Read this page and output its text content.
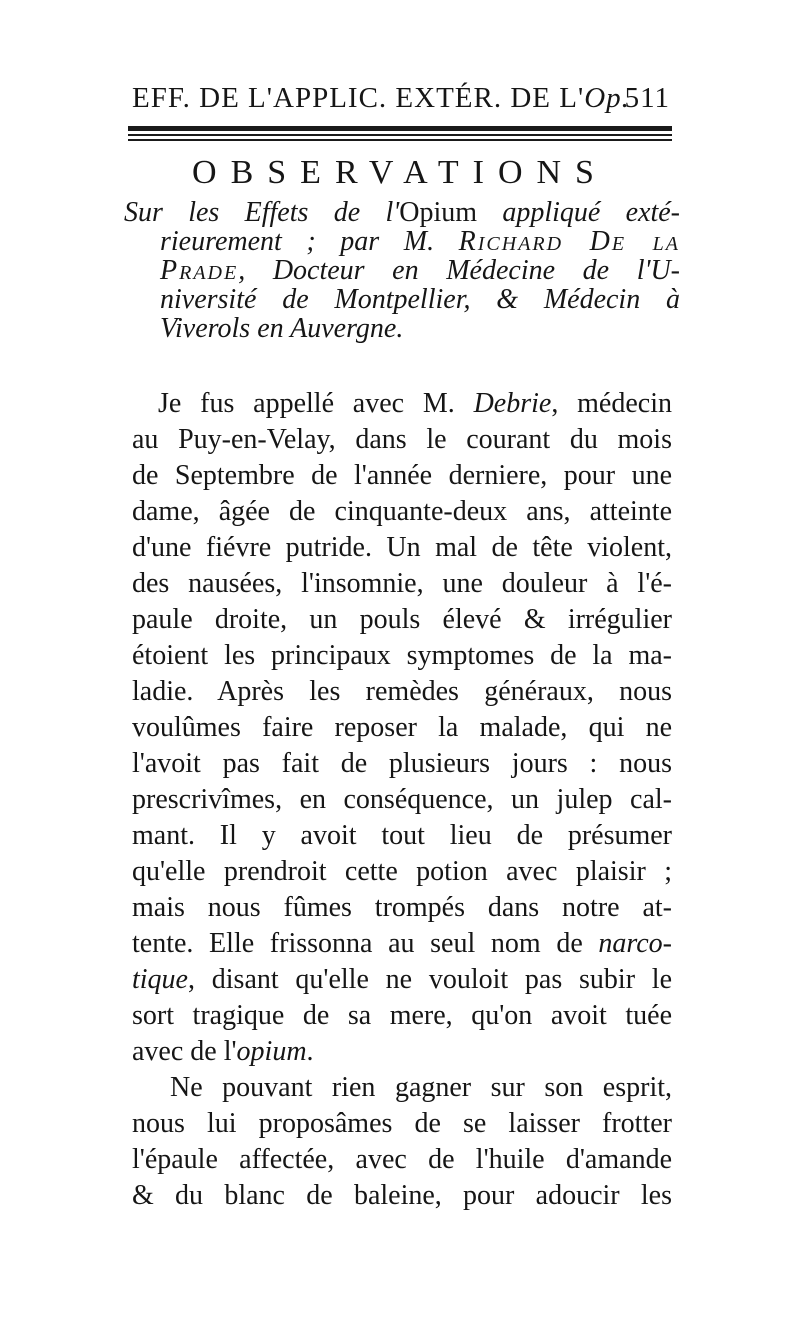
EFF. DE L'APPLIC. EXTÉR. DE L'Op.
511
OBSERVATIONS
Sur les Effets de l'Opium appliqué exté-
rieurement ; par M. Richard De la
Prade, Docteur en Médecine de l'U-
niversité de Montpellier, & Médecin à
Viverols en Auvergne.
Je fus appellé avec M. Debrie, médecin
au Puy-en-Velay, dans le courant du mois
de Septembre de l'année derniere, pour une
dame, âgée de cinquante-deux ans, atteinte
d'une fiévre putride. Un mal de tête violent,
des nausées, l'insomnie, une douleur à l'é-
paule droite, un pouls élevé & irrégulier
étoient les principaux symptomes de la ma-
ladie. Après les remèdes généraux, nous
voulûmes faire reposer la malade, qui ne
l'avoit pas fait de plusieurs jours : nous
prescrivîmes, en conséquence, un julep cal-
mant. Il y avoit tout lieu de présumer
qu'elle prendroit cette potion avec plaisir ;
mais nous fûmes trompés dans notre at-
tente. Elle frissonna au seul nom de narco-
tique, disant qu'elle ne vouloit pas subir le
sort tragique de sa mere, qu'on avoit tuée
avec de l'opium.
Ne pouvant rien gagner sur son esprit,
nous lui proposâmes de se laisser frotter
l'épaule affectée, avec de l'huile d'amande
& du blanc de baleine, pour adoucir les
